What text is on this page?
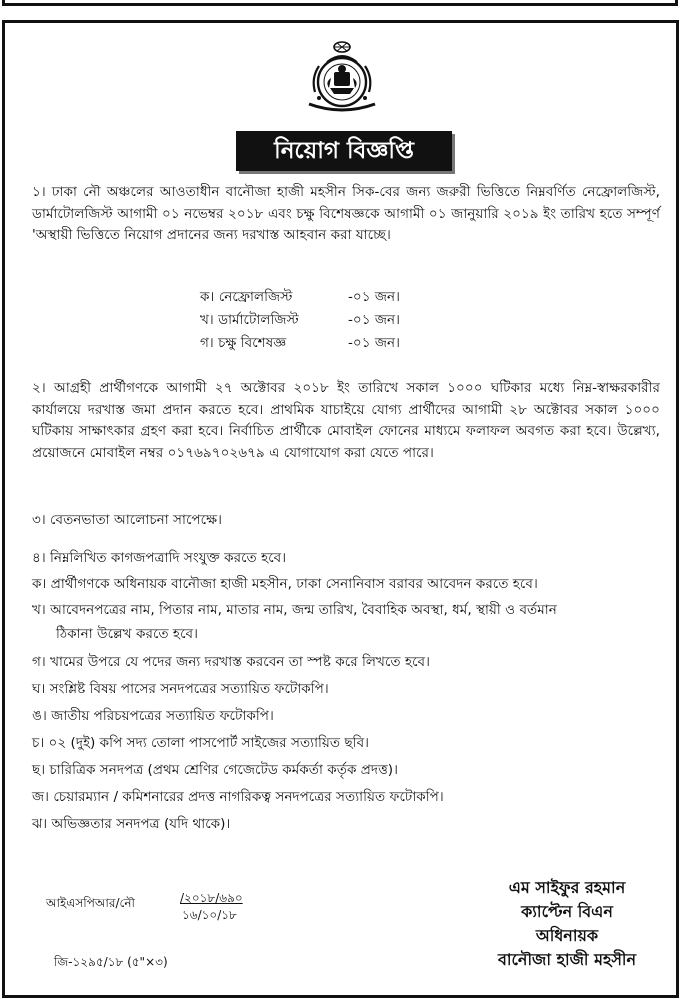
নিয়োগ বিজ্ঞপ্তি

১। ঢাকা নৌ অঞ্চলের আওতাধীন বানৌজা হাজী মহসীন সিক-বের জন্য জরুরী ভিত্তিতে নিম্নবর্ণিত নেফ্রোলজিস্ট, ডার্মাটোলজিস্ট আগামী ০১ নভেম্বর ২০১৮ এবং চক্ষু বিশেষজ্ঞকে আগামী ০১ জানুয়ারি ২০১৯ ইং তারিখ হতে সম্পূর্ণ 'অস্থায়ী ভিত্তিতে নিয়োগ প্রদানের জন্য দরখাস্ত আহবান করা যাচ্ছে।

ক। নেফ্রোলজিস্ট	-০১ জন।
খ। ডার্মাটোলজিস্ট	-০১ জন।
গ। চক্ষু বিশেষজ্ঞ	-০১ জন।

২। আগ্রহী প্রার্থীগণকে আগামী ২৭ অক্টোবর ২০১৮ ইং তারিখে সকাল ১০০০ ঘটিকার মধ্যে নিম্ন-স্বাক্ষরকারীর কার্যালয়ে দরখাস্ত জমা প্রদান করতে হবে। প্রাথমিক যাচাইয়ে যোগ্য প্রার্থীদের আগামী ২৮ অক্টোবর সকাল ১০০০ ঘটিকায় সাক্ষাৎকার গ্রহণ করা হবে। নির্বাচিত প্রার্থীকে মোবাইল ফোনের মাধ্যমে ফলাফল অবগত করা হবে। উল্লেখ্য, প্রয়োজনে মোবাইল নম্বর ০১৭৬৯৭০২৬৭৯ এ যোগাযোগ করা যেতে পারে।

৩। বেতনভাতা আলোচনা সাপেক্ষে।
৪। নিম্নলিখিত কাগজপত্রাদি সংযুক্ত করতে হবে।
ক। প্রার্থীগণকে অধিনায়ক বানৌজা হাজী মহসীন, ঢাকা সেনানিবাস বরাবর আবেদন করতে হবে।
খ। আবেদনপত্রের নাম, পিতার নাম, মাতার নাম, জন্ম তারিখ, বৈবাহিক অবস্থা, ধর্ম, স্থায়ী ও বর্তমান
ঠিকানা উল্লেখ করতে হবে।
গ। খামের উপরে যে পদের জন্য দরখাস্ত করবেন তা স্পষ্ট করে লিখতে হবে।
ঘ। সংশ্লিষ্ট বিষয় পাসের সনদপত্রের সত্যায়িত ফটোকপি।
ঙ। জাতীয় পরিচয়পত্রের সত্যায়িত ফটোকপি।
চ। ০২ (দুই) কপি সদ্য তোলা পাসপোর্ট সাইজের সত্যায়িত ছবি।
ছ। চারিত্রিক সনদপত্র (প্রথম শ্রেণির গেজেটেড কর্মকর্তা কর্তৃক প্রদত্ত)।
জ। চেয়ারম্যান / কমিশনারের প্রদত্ত নাগরিকত্ব সনদপত্রের সত্যায়িত ফটোকপি।
ঝ। অভিজ্ঞতার সনদপত্র (যদি থাকে)।
আইএসপিআর/নৌ	/২০১৮/৬৯০
১৬/১০/১৮
জি-১২৯৫/১৮ (৫"×৩)
এম সাইফুর রহমান
ক্যাপ্টেন বিএন
অধিনায়ক
বানৌজা হাজী মহসীন
